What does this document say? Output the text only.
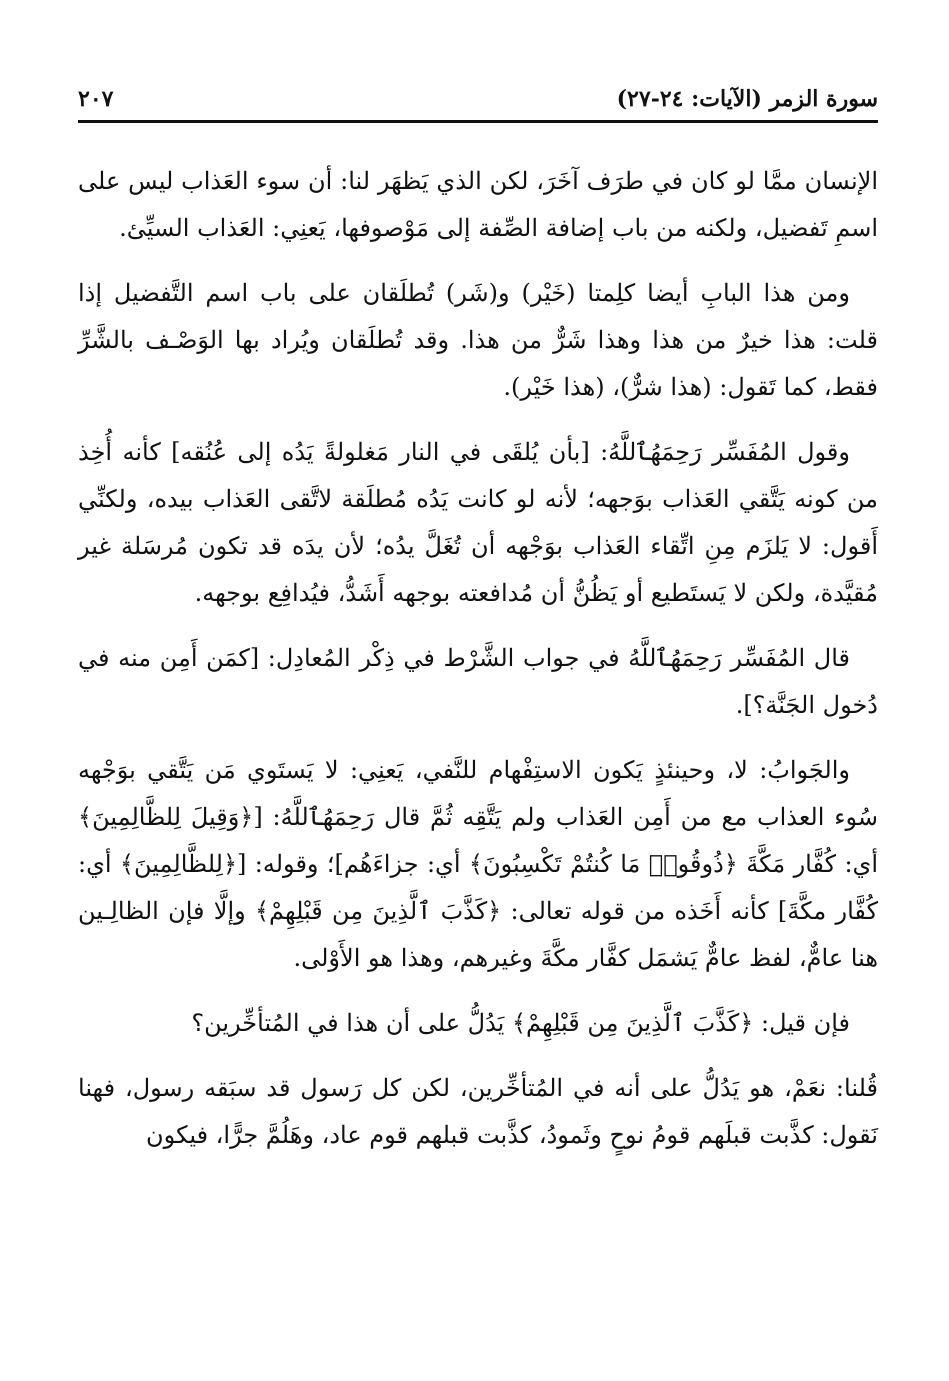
سورة الزمر (الآيات: ٢٤-٢٧)
٢٠٧

الإنسان ممَّا لو كان في طرَف آخَرَ، لكن الذي يَظهَر لنا: أن سوء العَذاب ليس على اسمِ تَفضيل، ولكنه من باب إضافة الصِّفة إلى مَوْصوفها، يَعنِي: العَذاب السيِّئ.

ومن هذا البابِ أيضا كلِمتا (خَيْر) و(شَر) تُطلَقان على باب اسم التَّفضيل إذا قلت: هذا خيرٌ من هذا وهذا شَرٌّ من هذا. وقد تُطلَقان ويُراد بها الوَصْـف بالشَّرِّ فقط، كما تَقول: (هذا شرٌّ)، (هذا خَيْر).

وقول المُفَسِّر رَحِمَهُٱللَّهُ: [بأن يُلقَى في النار مَغلولةً يَدُه إلى عُنُقه] كأنه أُخِذ من كونه يَتَّقي العَذاب بوَجهه؛ لأنه لو كانت يَدُه مُطلَقة لاتَّقى العَذاب بيده، ولكنِّي أَقول: لا يَلزَم مِنِ اتِّقاء العَذاب بوَجْهه أن تُغَلَّ يدُه؛ لأن يدَه قد تكون مُرسَلة غير مُقيَّدة، ولكن لا يَستَطيع أو يَظُنُّ أن مُدافعته بوجهه أَشَدُّ، فيُدافِع بوجهه.

قال المُفَسِّر رَحِمَهُٱللَّهُ في جواب الشَّرْط في ذِكْر المُعادِل: [كمَن أَمِن منه في دُخول الجَنَّة؟].

والجَوابُ: لا، وحينئذٍ يَكون الاستِفْهام للنَّفي، يَعنِي: لا يَستَوي مَن يَتَّقي بوَجْهه سُوء العذاب مع من أَمِن العَذاب ولم يَتَّقِه ثُمَّ قال رَحِمَهُٱللَّهُ: [﴿وَقِيلَ لِلظَّالِمِينَ﴾ أي: كُفَّار مَكَّةَ ﴿ذُوقُوا۟ مَا كُنتُمْ تَكْسِبُونَ﴾ أي: جزاءَهُم]؛ وقوله: [﴿لِلظَّالِمِينَ﴾ أي: كُفَّار مكَّةَ] كأنه أَخَذه من قوله تعالى: ﴿كَذَّبَ ٱلَّذِينَ مِن قَبْلِهِمْ﴾ وإلَّا فإن الظالِـين هنا عامٌّ، لفظ عامٌّ يَشمَل كفَّار مكَّةَ وغيرهم، وهذا هو الأَوْلى.

فإن قيل: ﴿كَذَّبَ ٱلَّذِينَ مِن قَبْلِهِمْ﴾ يَدُلُّ على أن هذا في المُتأخِّرين؟

قُلنا: نعَمْ، هو يَدُلُّ على أنه في المُتأخِّرين، لكن كل رَسول قد سبَقه رسول، فهنا نَقول: كذَّبت قبلَهم قومُ نوحٍ وثَمودُ، كذَّبت قبلهم قوم عاد، وهَلُمَّ جرًّا، فيكون
